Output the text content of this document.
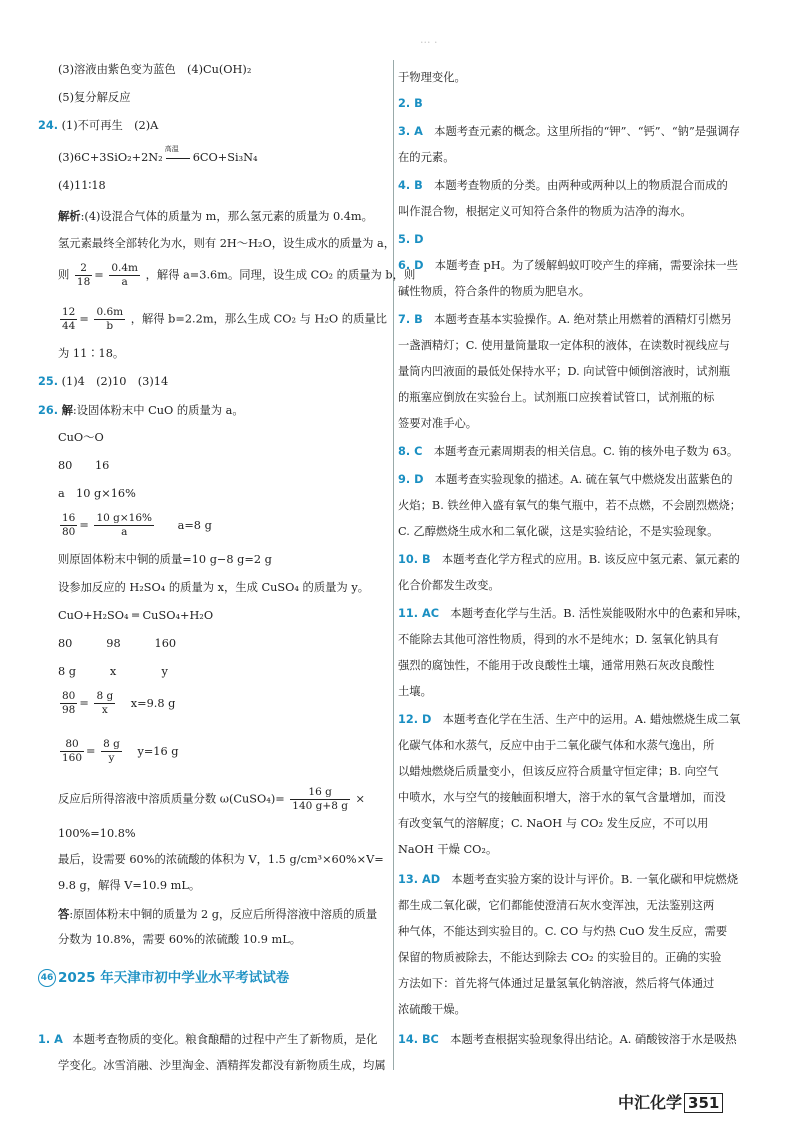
··· ·
(3)溶液由紫色变为蓝色　(4)Cu(OH)₂
(5)复分解反应
24. (1)不可再生　(2)A
(3)6C+3SiO₂+2N₂
高温
6CO+Si₃N₄
(4)11∶18
解析:(4)设混合气体的质量为 m，那么氢元素的质量为 0.4m。
氢元素最终全部转化为水，则有 2H～H₂O，设生成水的质量为 a，
则 $\frac{2}{18} = \frac{0.4m}{a}$ ，解得 a=3.6m。同理，设生成 CO₂ 的质量为 b，则
$\frac{12}{44} = \frac{0.6m}{b}$ ，解得 b=2.2m，那么生成 CO₂ 与 H₂O 的质量比
为 11∶18。
25. (1)4　(2)10　(3)14
26. 解:设固体粉末中 CuO 的质量为 a。
CuO～O
80　　16
a　10 g×16%
$\frac{16}{80} = \frac{10 g\times 16\%}{a} a=8$ g
则原固体粉末中铜的质量=10 g−8 g=2 g
设参加反应的 H₂SO₄ 的质量为 x，生成 CuSO₄ 的质量为 y。
CuO+H₂SO₄ ═ CuSO₄+H₂O
80　　　98　　　160
8 g　　　x　　　　y
$\frac{80}{98} = \frac{8 g}{x} x=9.8$ g
$\frac{80}{160} = \frac{8 g}{y} y=16$ g
反应后所得溶液中溶质质量分数 ω(CuSO₄)= $\frac{16 g}{140 g+8 g}$ ×
100%=10.8%
最后，设需要 60%的浓硫酸的体积为 V，1.5 g/cm³×60%×V=
9.8 g，解得 V=10.9 mL。
答:原固体粉末中铜的质量为 2 g，反应后所得溶液中溶质的质量
分数为 10.8%，需要 60%的浓硫酸 10.9 mL。
1. A 本题考查物质的变化。粮食酿醋的过程中产生了新物质，是化
学变化。冰雪消融、沙里淘金、酒精挥发都没有新物质生成，均属
46 2025 年天津市初中学业水平考试试卷
于物理变化。
2. B
3. A　 本题考查元素的概念。这里所指的“钾”、“钙”、“钠”是强调存
在的元素。
4. B　 本题考查物质的分类。由两种或两种以上的物质混合而成的
叫作混合物，根据定义可知符合条件的物质为洁净的海水。
5. D
6. D　 本题考查 pH。为了缓解蚂蚁叮咬产生的痒痛，需要涂抹一些
碱性物质，符合条件的物质为肥皂水。
7. B　 本题考查基本实验操作。A. 绝对禁止用燃着的酒精灯引燃另
一盏酒精灯；C. 使用量筒量取一定体积的液体，在读数时视线应与
量筒内凹液面的最低处保持水平；D. 向试管中倾倒溶液时，试剂瓶
的瓶塞应倒放在实验台上。试剂瓶口应挨着试管口，试剂瓶的标
签要对准手心。
8. C　 本题考查元素周期表的相关信息。C. 铕的核外电子数为 63。
9. D　 本题考查实验现象的描述。A. 硫在氧气中燃烧发出蓝紫色的
火焰；B. 铁丝伸入盛有氧气的集气瓶中，若不点燃，不会剧烈燃烧；
C. 乙醇燃烧生成水和二氧化碳，这是实验结论，不是实验现象。
10. B　 本题考查化学方程式的应用。B. 该反应中氢元素、氯元素的
化合价都发生改变。
11. AC　 本题考查化学与生活。B. 活性炭能吸附水中的色素和异味，
不能除去其他可溶性物质，得到的水不是纯水；D. 氢氧化钠具有
强烈的腐蚀性，不能用于改良酸性土壤，通常用熟石灰改良酸性
土壤。
12. D　 本题考查化学在生活、生产中的运用。A. 蜡烛燃烧生成二氧
化碳气体和水蒸气，反应中由于二氧化碳气体和水蒸气逸出，所
以蜡烛燃烧后质量变小，但该反应符合质量守恒定律；B. 向空气
中喷水，水与空气的接触面积增大，溶于水的氧气含量增加，而没
有改变氧气的溶解度；C. NaOH 与 CO₂ 发生反应，不可以用
NaOH 干燥 CO₂。
13. AD　 本题考查实验方案的设计与评价。B. 一氧化碳和甲烷燃烧
都生成二氧化碳，它们都能使澄清石灰水变浑浊，无法鉴别这两
种气体，不能达到实验目的。C. CO 与灼热 CuO 发生反应，需要
保留的物质被除去，不能达到除去 CO₂ 的实验目的。正确的实验
方法如下：首先将气体通过足量氢氧化钠溶液，然后将气体通过
浓硫酸干燥。
14. BC　 本题考查根据实验现象得出结论。A. 硝酸铵溶于水是吸热
中汇化学 351
